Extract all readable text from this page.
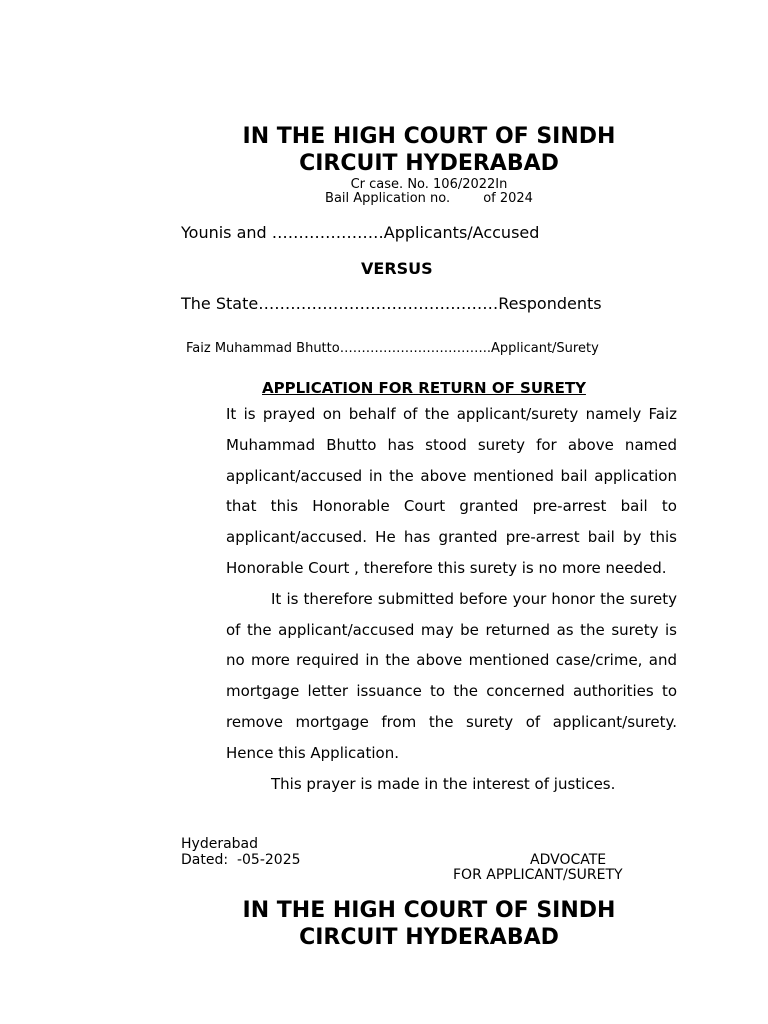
IN THE HIGH COURT OF SINDH
CIRCUIT HYDERABAD
Cr case. No. 106/2022In
Bail Application no.        of 2024
Younis and …………………Applicants/Accused
VERSUS
The State………………………………………Respondents
Faiz Muhammad Bhutto……………………………..Applicant/Surety
APPLICATION FOR RETURN OF SURETY

It is prayed on behalf of the applicant/surety namely Faiz Muhammad Bhutto has stood surety for above named applicant/accused in the above mentioned bail application that this Honorable Court granted pre-arrest bail to applicant/accused. He has granted pre-arrest bail by this Honorable Court , therefore this surety is no more needed.

It is therefore submitted before your honor the surety of the applicant/accused may be returned as the surety is no more required in the above mentioned case/crime, and mortgage letter issuance to the concerned authorities to remove mortgage from the surety of applicant/surety. Hence this Application.

This prayer is made in the interest of justices.

Hyderabad
Dated:  -05-2025	ADVOCATE
FOR APPLICANT/SURETY
IN THE HIGH COURT OF SINDH
CIRCUIT HYDERABAD
